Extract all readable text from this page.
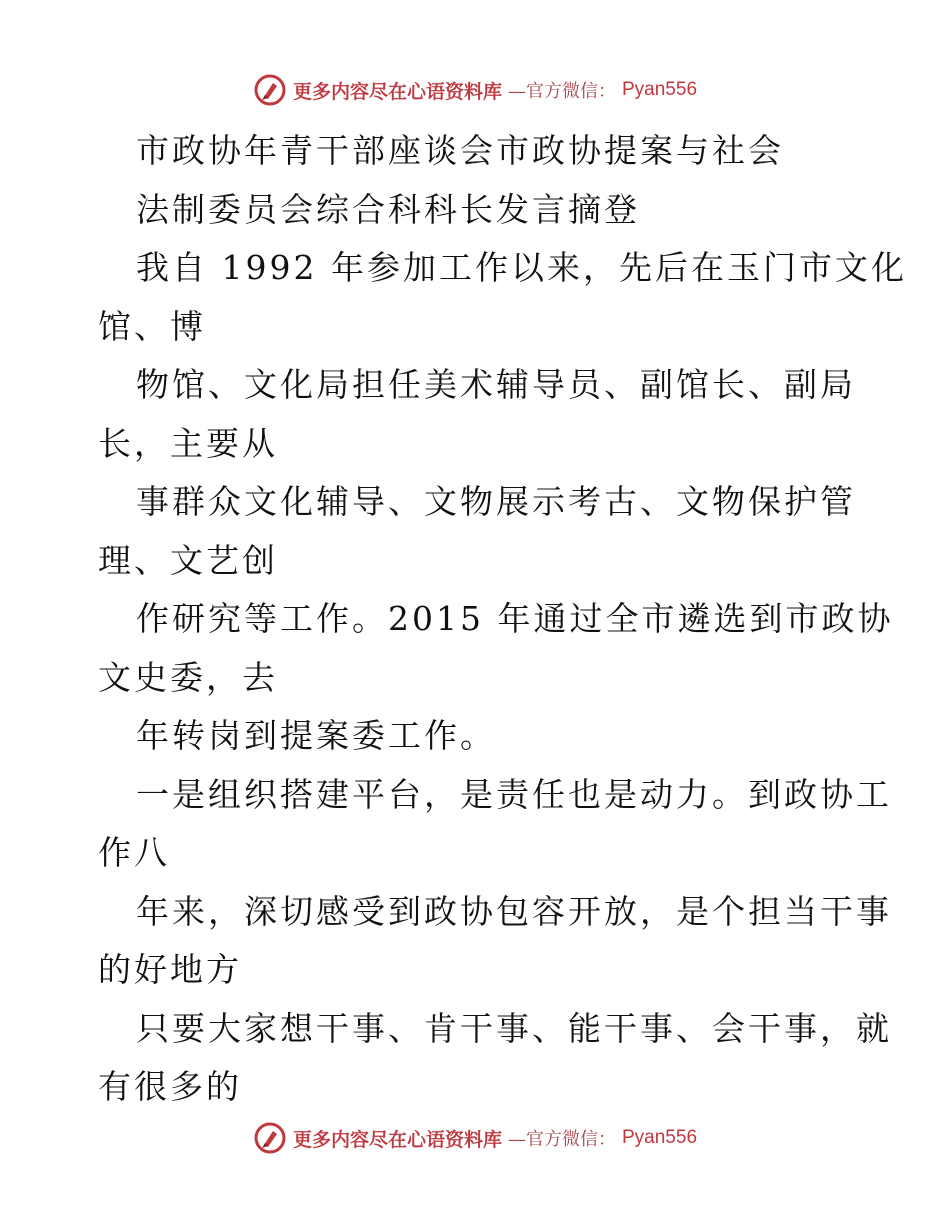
更多内容尽在心语资料库 —官方微信： Pyan556
市政协年青干部座谈会市政协提案与社会
法制委员会综合科科长发言摘登
我自 1992 年参加工作以来，先后在玉门市文化
馆、博
物馆、文化局担任美术辅导员、副馆长、副局
长，主要从
事群众文化辅导、文物展示考古、文物保护管
理、文艺创
作研究等工作。2015 年通过全市遴选到市政协
文史委，去
年转岗到提案委工作。
一是组织搭建平台，是责任也是动力。到政协工
作八
年来，深切感受到政协包容开放，是个担当干事
的好地方
只要大家想干事、肯干事、能干事、会干事，就
有很多的
更多内容尽在心语资料库 —官方微信： Pyan556
